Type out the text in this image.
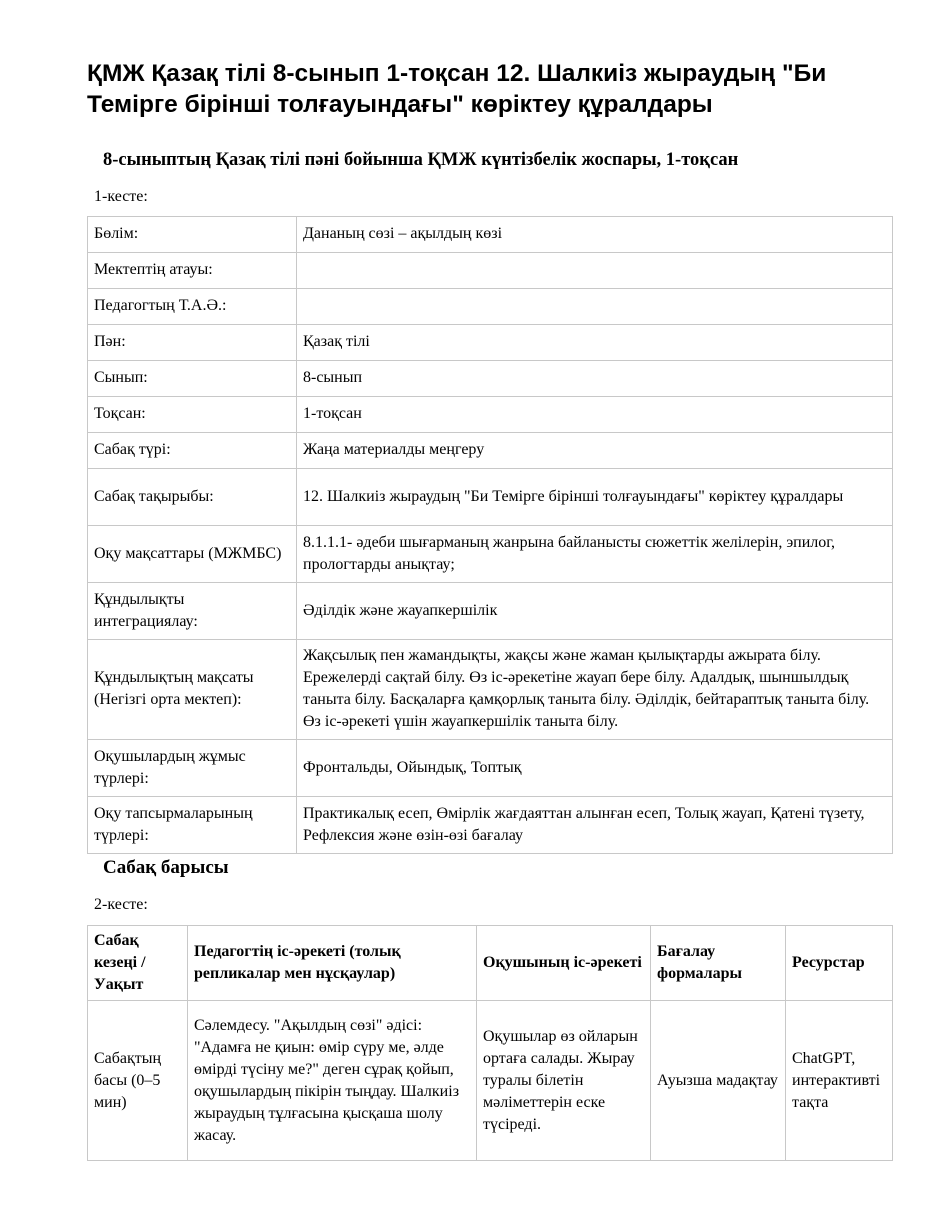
ҚМЖ Қазақ тілі 8-сынып 1-тоқсан 12. Шалкиіз жыраудың "Би Темірге бірінші толғауындағы" көріктеу құралдары
8-сыныптың Қазақ тілі пәні бойынша ҚМЖ күнтізбелік жоспары, 1-тоқсан
1-кесте:
Бөлім:	Дананың сөзі – ақылдың көзі
Мектептің атауы:	
Педагогтың Т.А.Ә.:	
Пән:	Қазақ тілі
Сынып:	8-сынып
Тоқсан:	1-тоқсан
Сабақ түрі:	Жаңа материалды меңгеру
Сабақ тақырыбы:	12. Шалкиіз жыраудың "Би Темірге бірінші толғауындағы" көріктеу құралдары
Оқу мақсаттары (МЖМБС)	8.1.1.1- әдеби шығарманың жанрына байланысты сюжеттік желілерін, эпилог, прологтарды анықтау;
Құндылықты интеграциялау:	Әділдік және жауапкершілік
Құндылықтың мақсаты (Негізгі орта мектеп):	Жақсылық пен жамандықты, жақсы және жаман қылықтарды ажырата білу. Ережелерді сақтай білу. Өз іс-әрекетіне жауап бере білу. Адалдық, шыншылдық таныта білу. Басқаларға қамқорлық таныта білу. Әділдік, бейтараптық таныта білу. Өз іс-әрекеті үшін жауапкершілік таныта білу.
Оқушылардың жұмыс түрлері:	Фронтальды, Ойындық, Топтық
Оқу тапсырмаларының түрлері:	Практикалық есеп, Өмірлік жағдаяттан алынған есеп, Толық жауап, Қатені түзету, Рефлексия және өзін-өзі бағалау
Сабақ барысы
2-кесте:
Сабақ кезеңі / Уақыт	Педагогтің іс-әрекеті (толық репликалар мен нұсқаулар)	Оқушының іс-әрекеті	Бағалау формалары	Ресурстар
Сабақтың басы (0–5 мин)	Сәлемдесу. "Ақылдың сөзі" әдісі: "Адамға не қиын: өмір сүру ме, әлде өмірді түсіну ме?" деген сұрақ қойып, оқушылардың пікірін тыңдау. Шалкиіз жыраудың тұлғасына қысқаша шолу жасау.	Оқушылар өз ойларын ортаға салады. Жырау туралы білетін мәліметтерін еске түсіреді.	Ауызша мадақтау	ChatGPT, интерактивті тақта
